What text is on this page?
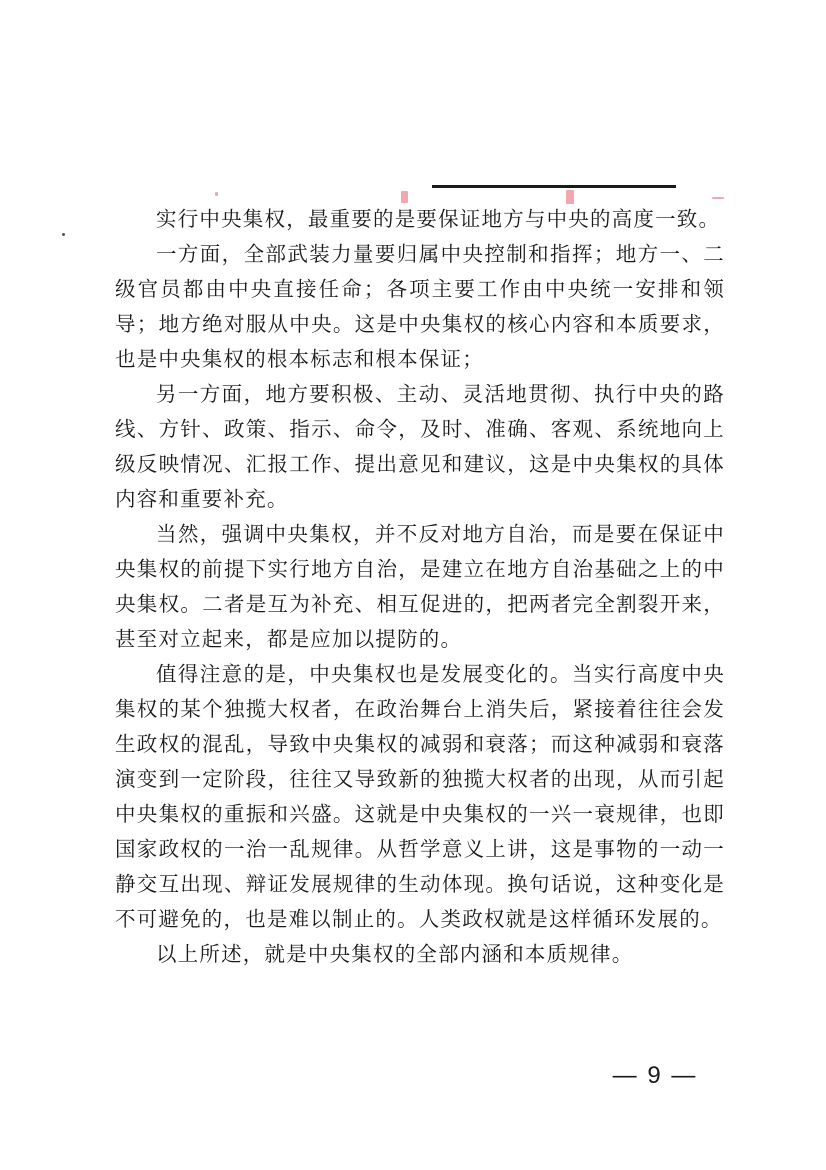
实行中央集权，最重要的是要保证地方与中央的高度一致。

一方面，全部武装力量要归属中央控制和指挥；地方一、二级官员都由中央直接任命；各项主要工作由中央统一安排和领导；地方绝对服从中央。这是中央集权的核心内容和本质要求，也是中央集权的根本标志和根本保证；

另一方面，地方要积极、主动、灵活地贯彻、执行中央的路线、方针、政策、指示、命令，及时、准确、客观、系统地向上级反映情况、汇报工作、提出意见和建议，这是中央集权的具体内容和重要补充。

当然，强调中央集权，并不反对地方自治，而是要在保证中央集权的前提下实行地方自治，是建立在地方自治基础之上的中央集权。二者是互为补充、相互促进的，把两者完全割裂开来，甚至对立起来，都是应加以提防的。

值得注意的是，中央集权也是发展变化的。当实行高度中央集权的某个独揽大权者，在政治舞台上消失后，紧接着往往会发生政权的混乱，导致中央集权的减弱和衰落；而这种减弱和衰落演变到一定阶段，往往又导致新的独揽大权者的出现，从而引起中央集权的重振和兴盛。这就是中央集权的一兴一衰规律，也即国家政权的一治一乱规律。从哲学意义上讲，这是事物的一动一静交互出现、辩证发展规律的生动体现。换句话说，这种变化是不可避免的，也是难以制止的。人类政权就是这样循环发展的。

以上所述，就是中央集权的全部内涵和本质规律。

— 9 —
